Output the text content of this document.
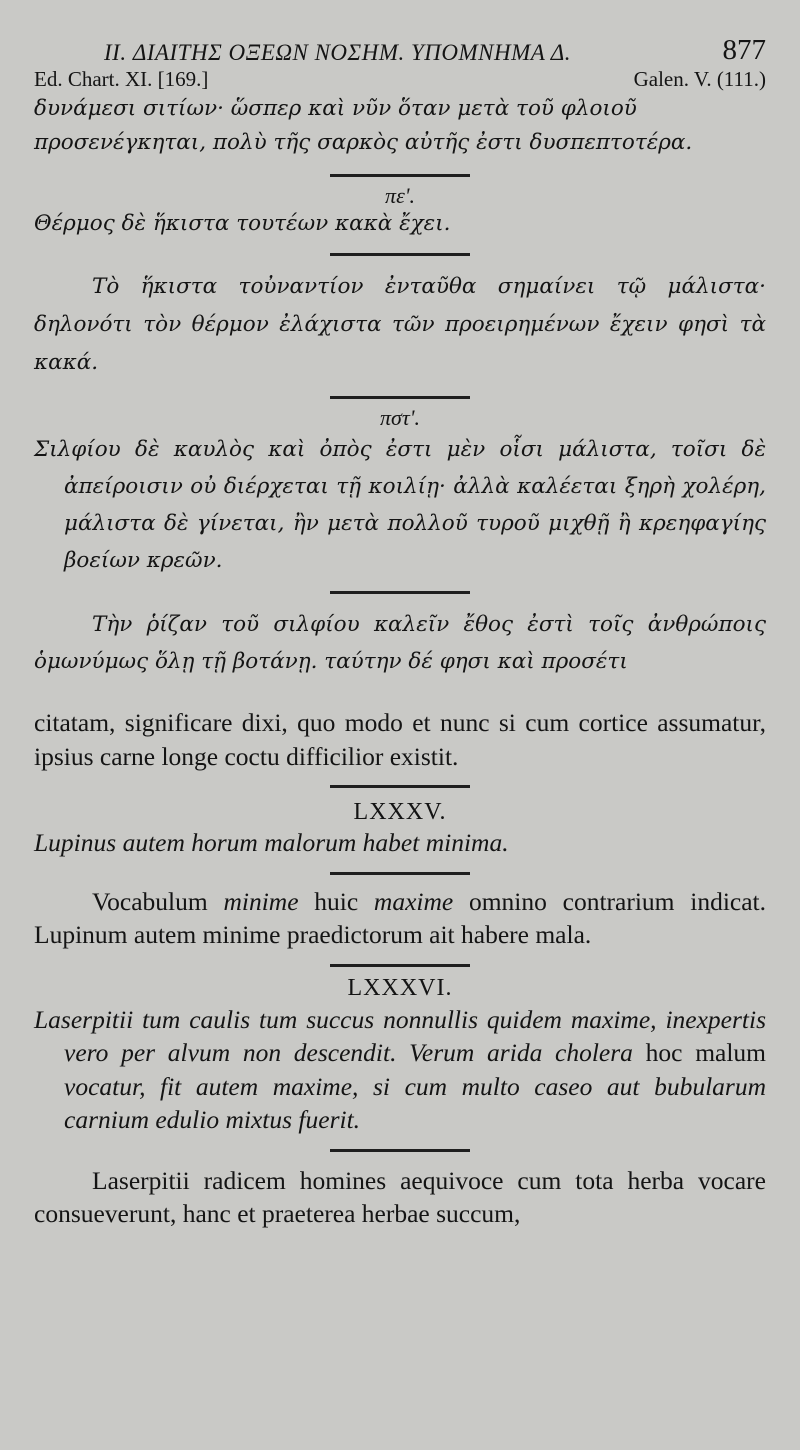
II. ΔΙΑΙΤΗΣ ΟΞΕΩΝ ΝΟΣΗΜ. ΥΠΟΜΝΗΜΑ Δ.	877
Ed. Chart. XI. [169.]	Galen. V. (111.)

δυνάμεσι σιτίων· ὥσπερ καὶ νῦν ὅταν μετὰ τοῦ φλοιοῦ
προσενέγκηται, πολὺ τῆς σαρκὸς αὐτῆς ἐστι δυσπεπτοτέρα.

πε'.

Θέρμος δὲ ἥκιστα τουτέων κακὰ ἔχει.

Τὸ ἥκιστα τοὐναντίον ἐνταῦθα σημαίνει τῷ μάλιστα· δηλονότι τὸν θέρμον ἐλάχιστα τῶν προειρημένων ἔχειν φησὶ τὰ κακά.

πστ'.

Σιλφίου δὲ καυλὸς καὶ ὀπὸς ἐστι μὲν οἷσι μάλιστα, τοῖσι δὲ ἀπείροισιν οὐ διέρχεται τῇ κοιλίῃ· ἀλλὰ καλέεται ξηρὴ χολέρη, μάλιστα δὲ γίνεται, ἢν μετὰ πολλοῦ τυροῦ μιχθῇ ἢ κρεηφαγίης βοείων κρεῶν.

Τὴν ῥίζαν τοῦ σιλφίου καλεῖν ἔθος ἐστὶ τοῖς ἀνθρώποις ὁμωνύμως ὅλῃ τῇ βοτάνῃ. ταύτην δέ φησι καὶ προσέτι

citatam, significare dixi, quo modo et nunc si cum cortice assumatur, ipsius carne longe coctu difficilior existit.

LXXXV.

Lupinus autem horum malorum habet minima.

Vocabulum minime huic maxime omnino contrarium indicat. Lupinum autem minime praedictorum ait habere mala.

LXXXVI.

Laserpitii tum caulis tum succus nonnullis quidem maxime, inexpertis vero per alvum non descendit. Verum arida cholera hoc malum vocatur, fit autem maxime, si cum multo caseo aut bubularum carnium edulio mixtus fuerit.

Laserpitii radicem homines aequivoce cum tota herba vocare consueverunt, hanc et praeterea herbae succum,
